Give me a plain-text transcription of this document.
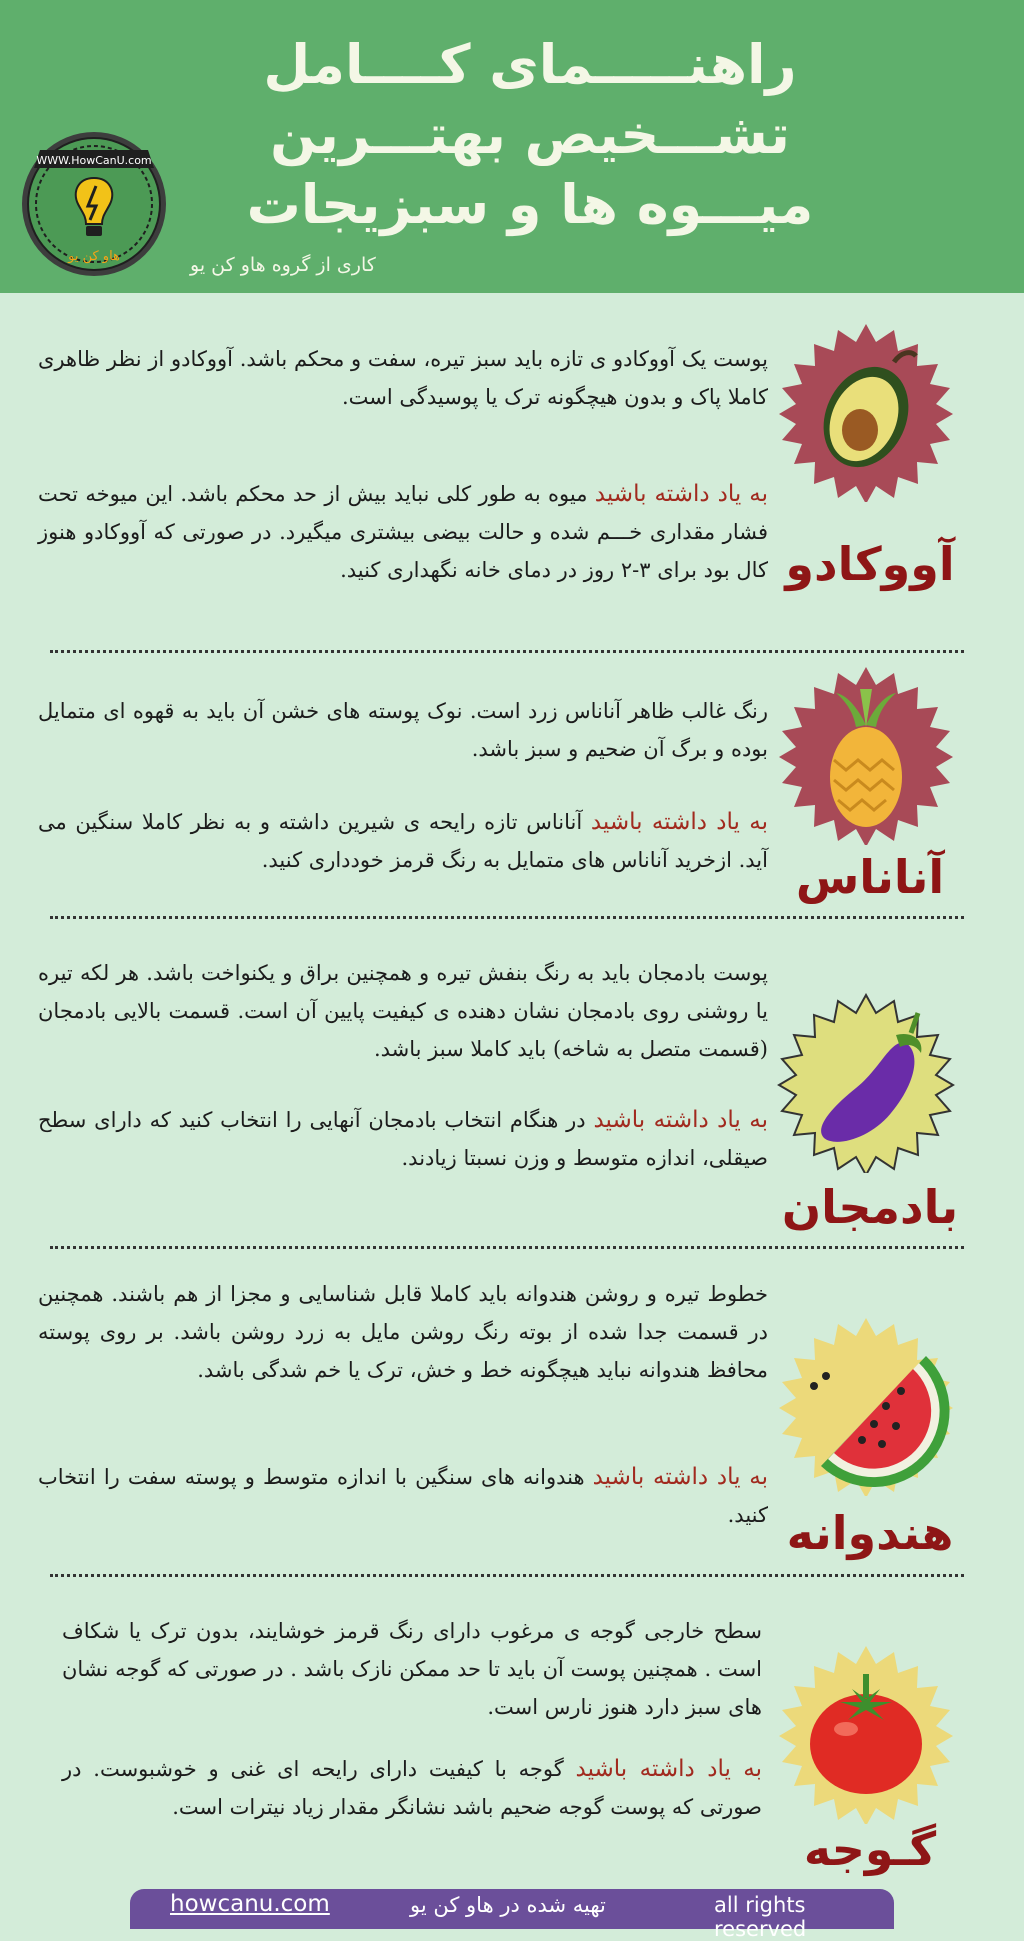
راهنـــــمای کــــامل
تشـــخیص بهتـــرین
میـــوه ها و سبزیجات
کاری از گروه هاو کن یو
WWW.HowCanU.com
هاو کن یو
پوست یک آووکادو ی تازه باید سبز تیره، سفت و محکم باشد. آووکادو از نظر ظاهری کاملا پاک و بدون هیچگونه ترک یا پوسیدگی است.
به یاد داشته باشید میوه به طور کلی نباید بیش از حد محکم باشد. این میوخه تحت فشار مقداری خـــم شده و حالت بیضی بیشتری میگیرد. در صورتی که آووکادو هنوز کال بود برای ۳-۲ روز در دمای خانه نگهداری کنید. آووکادو
رنگ غالب ظاهر آناناس زرد است. نوک پوسته های خشن آن باید به قهوه ای متمایل بوده و برگ آن ضحیم و سبز باشد.
به یاد داشته باشید آناناس تازه رایحه ی شیرین داشته و به نظر کاملا سنگین می آید. ازخرید آناناس های متمایل به رنگ قرمز خودداری کنید. آناناس
پوست بادمجان باید به رنگ بنفش تیره و همچنین براق و یکنواخت باشد. هر لکه تیره یا روشنی روی بادمجان نشان دهنده ی کیفیت پایین آن است. قسمت بالایی بادمجان (قسمت متصل به شاخه) باید کاملا سبز باشد.
به یاد داشته باشید در هنگام انتخاب بادمجان آنهایی را انتخاب کنید که دارای سطح صیقلی، اندازه متوسط و وزن نسبتا زیادند.
بادمجان
خطوط تیره و روشن هندوانه باید کاملا قابل شناسایی و مجزا از هم باشند. همچنین در قسمت جدا شده از بوته رنگ روشن مایل به زرد روشن باشد. بر روی پوسته محافظ هندوانه نباید هیچگونه خط و خش، ترک یا خم شدگی باشد.
به یاد داشته باشید هندوانه های سنگین با اندازه متوسط و پوسته سفت را انتخاب کنید. هندوانه
سطح خارجی گوجه ی مرغوب دارای رنگ قرمز خوشایند، بدون ترک یا شکاف است . همچنین پوست آن باید تا حد ممکن نازک باشد . در صورتی که گوجه نشان های سبز دارد هنوز نارس است.
به یاد داشته باشید گوجه با کیفیت دارای رایحه ای غنی و خوشبوست. در صورتی که پوست گوجه ضحیم باشد نشانگر مقدار زیاد نیترات است.
گـوجه
howcanu.com	تهیه شده در هاو کن یو	all rights reserved
